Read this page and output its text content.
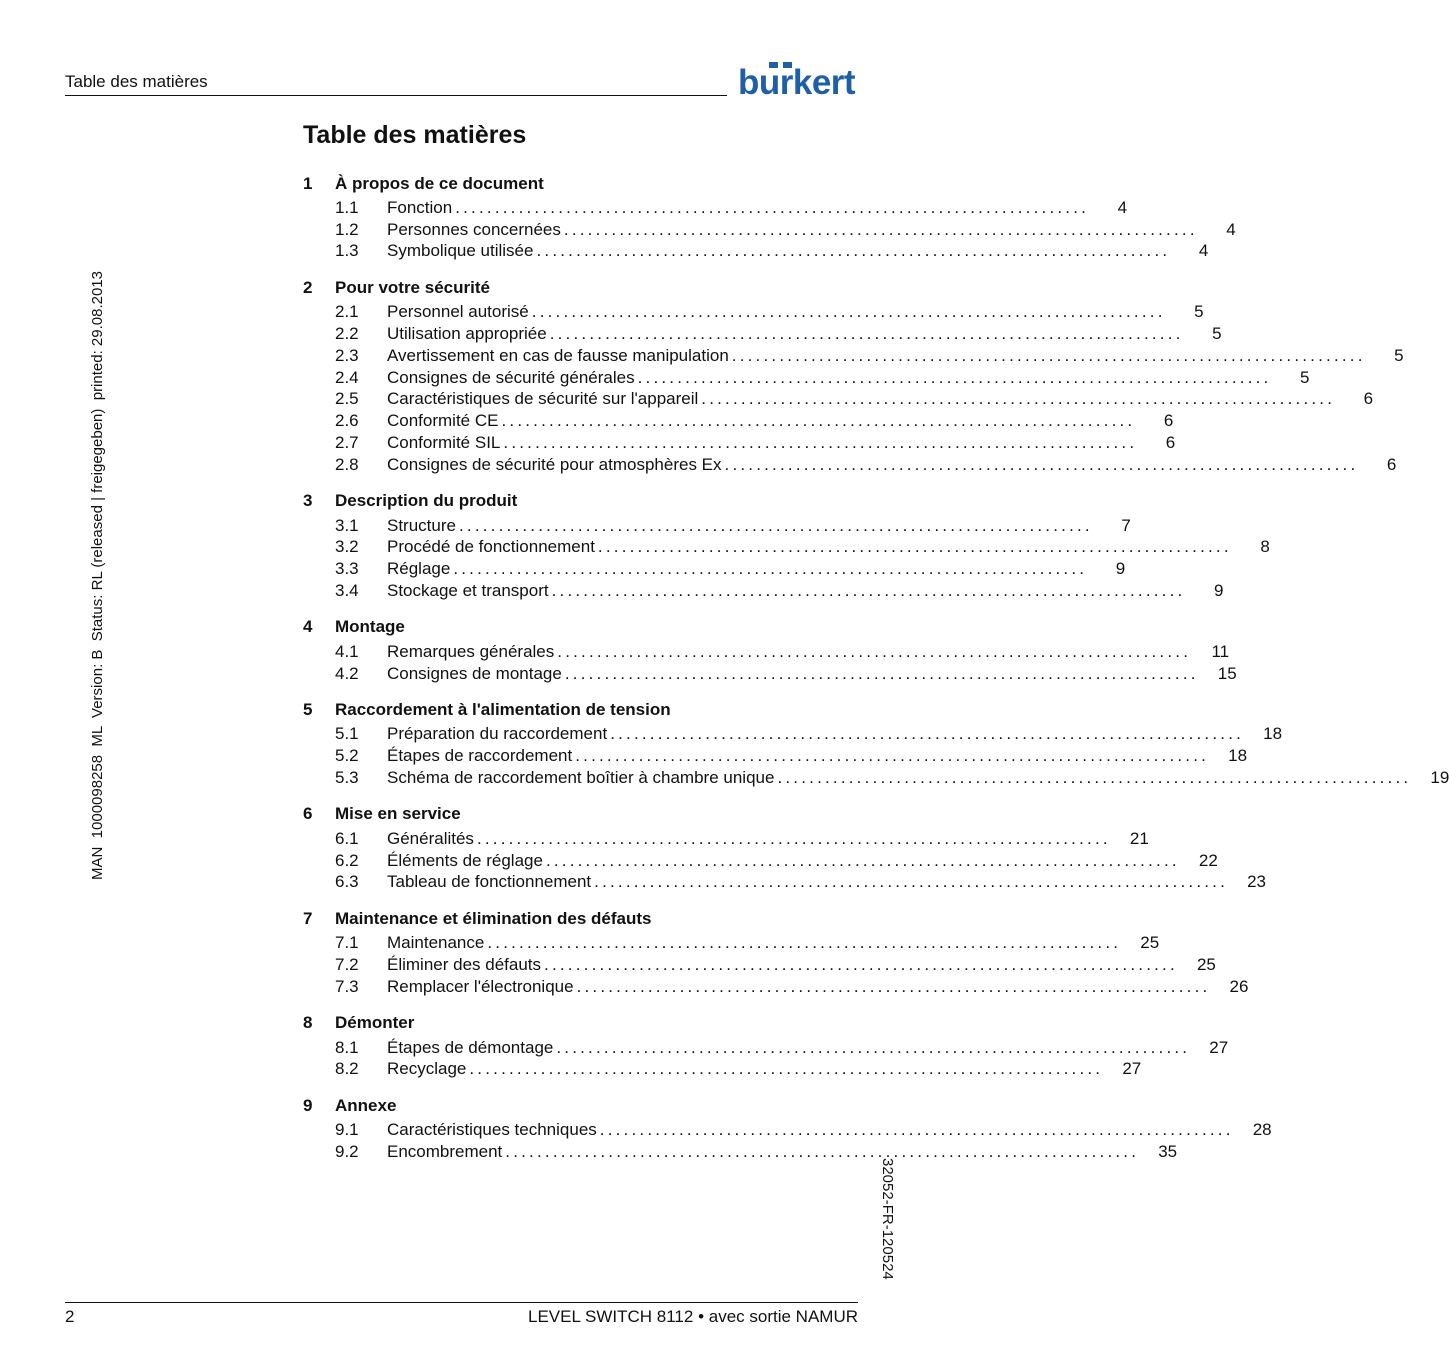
Table des matières	burkert
Table des matières
1	À propos de ce document
1.1	Fonction ................................................................................	4
1.2	Personnes concernées ................................................................................	4
1.3	Symbolique utilisée ................................................................................	4
2	Pour votre sécurité
2.1	Personnel autorisé ................................................................................	5
2.2	Utilisation appropriée ................................................................................	5
2.3	Avertissement en cas de fausse manipulation ................................................................................	5
2.4	Consignes de sécurité générales ................................................................................	5
2.5	Caractéristiques de sécurité sur l'appareil ................................................................................	6
2.6	Conformité CE ................................................................................	6
2.7	Conformité SIL ................................................................................	6
2.8	Consignes de sécurité pour atmosphères Ex ................................................................................	6
3	Description du produit
3.1	Structure ................................................................................	7
3.2	Procédé de fonctionnement ................................................................................	8
3.3	Réglage ................................................................................	9
3.4	Stockage et transport ................................................................................	9
4	Montage
4.1	Remarques générales ................................................................................	11
4.2	Consignes de montage ................................................................................	15
5	Raccordement à l'alimentation de tension
5.1	Préparation du raccordement ................................................................................	18
5.2	Étapes de raccordement ................................................................................	18
5.3	Schéma de raccordement boîtier à chambre unique ................................................................................	19
6	Mise en service
6.1	Généralités ................................................................................	21
6.2	Éléments de réglage ................................................................................	22
6.3	Tableau de fonctionnement ................................................................................	23
7	Maintenance et élimination des défauts
7.1	Maintenance ................................................................................	25
7.2	Éliminer des défauts ................................................................................	25
7.3	Remplacer l'électronique ................................................................................	26
8	Démonter
8.1	Étapes de démontage ................................................................................	27
8.2	Recyclage ................................................................................	27
9	Annexe
9.1	Caractéristiques techniques ................................................................................	28
9.2	Encombrement ................................................................................	35
MAN  1000098258  ML  Version: B  Status: RL (released | freigegeben)  printed: 29.08.2013
32052-FR-120524
2	LEVEL SWITCH 8112 • avec sortie NAMUR
